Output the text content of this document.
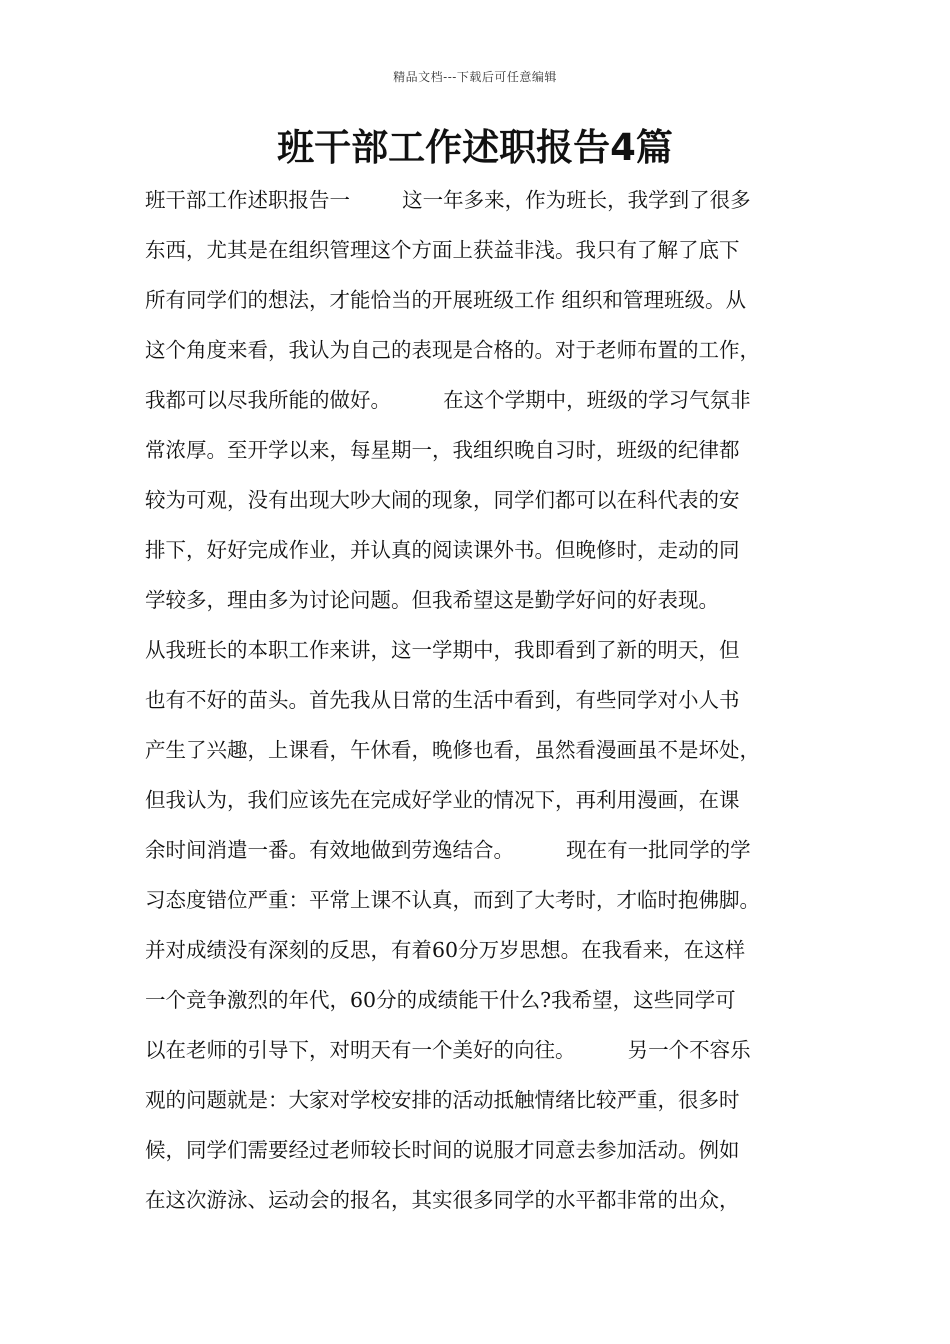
精品文档---下载后可任意编辑
班干部工作述职报告4篇
班干部工作述职报告一        这一年多来，作为班长，我学到了很多
东西，尤其是在组织管理这个方面上获益非浅。我只有了解了底下
所有同学们的想法，才能恰当的开展班级工作 组织和管理班级。从
这个角度来看，我认为自己的表现是合格的。对于老师布置的工作，
我都可以尽我所能的做好。        在这个学期中，班级的学习气氛非
常浓厚。至开学以来，每星期一，我组织晚自习时，班级的纪律都
较为可观，没有出现大吵大闹的现象，同学们都可以在科代表的安
排下，好好完成作业，并认真的阅读课外书。但晚修时，走动的同
学较多，理由多为讨论问题。但我希望这是勤学好问的好表现。
从我班长的本职工作来讲，这一学期中，我即看到了新的明天，但
也有不好的苗头。首先我从日常的生活中看到，有些同学对小人书
产生了兴趣，上课看，午休看，晚修也看，虽然看漫画虽不是坏处，
但我认为，我们应该先在完成好学业的情况下，再利用漫画，在课
余时间消遣一番。有效地做到劳逸结合。        现在有一批同学的学
习态度错位严重：平常上课不认真，而到了大考时，才临时抱佛脚。
并对成绩没有深刻的反思，有着60分万岁思想。在我看来，在这样
一个竞争激烈的年代，60分的成绩能干什么?我希望，这些同学可
以在老师的引导下，对明天有一个美好的向往。        另一个不容乐
观的问题就是：大家对学校安排的活动抵触情绪比较严重，很多时
候，同学们需要经过老师较长时间的说服才同意去参加活动。例如
在这次游泳、运动会的报名，其实很多同学的水平都非常的出众，
